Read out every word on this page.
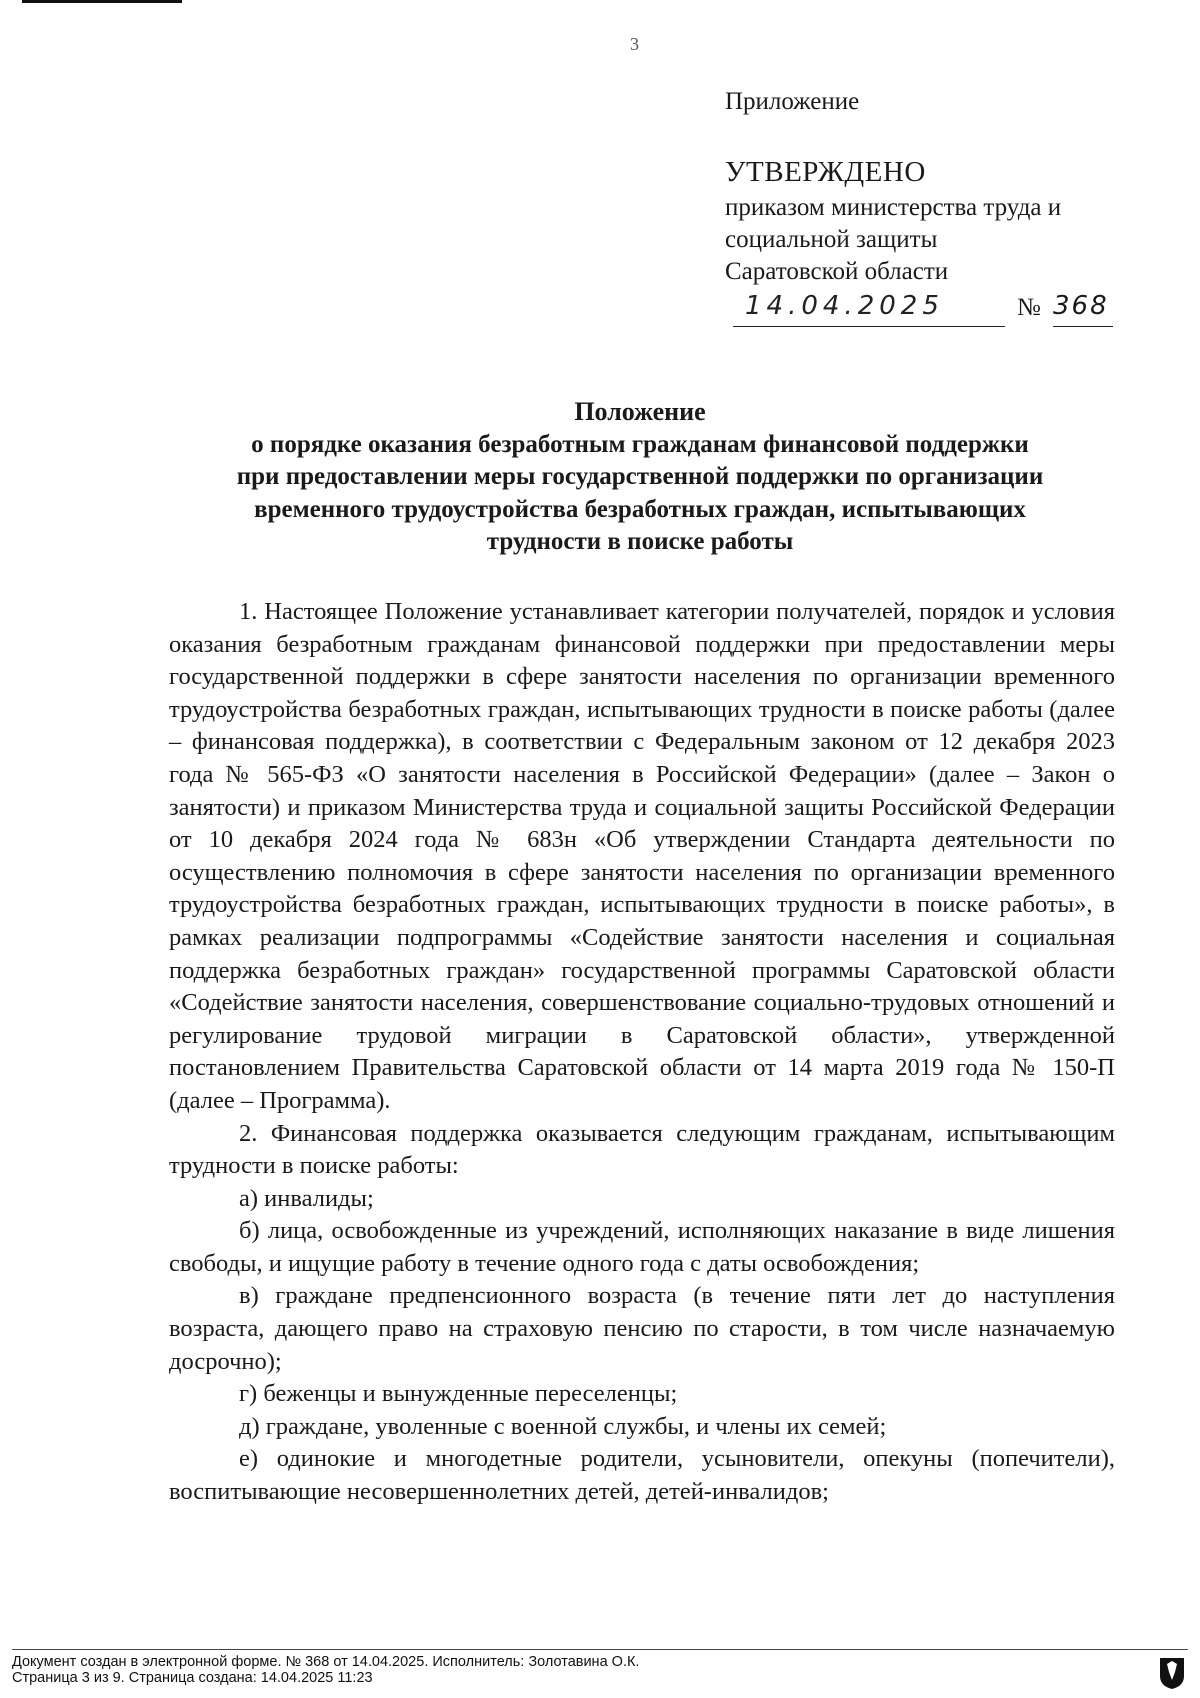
3
Приложение
УТВЕРЖДЕНО
приказом министерства труда и
социальной защиты
Саратовской области
14.04.2025	№ 368
Положение
о порядке оказания безработным гражданам финансовой поддержки
при предоставлении меры государственной поддержки по организации
временного трудоустройства безработных граждан, испытывающих
трудности в поиске работы

1. Настоящее Положение устанавливает категории получателей, порядок и условия оказания безработным гражданам финансовой поддержки при предоставлении меры государственной поддержки в сфере занятости населения по организации временного трудоустройства безработных граждан, испытывающих трудности в поиске работы (далее – финансовая поддержка), в соответствии с Федеральным законом от 12 декабря 2023 года № 565-ФЗ «О занятости населения в Российской Федерации» (далее – Закон о занятости) и приказом Министерства труда и социальной защиты Российской Федерации от 10 декабря 2024 года № 683н «Об утверждении Стандарта деятельности по осуществлению полномочия в сфере занятости населения по организации временного трудоустройства безработных граждан, испытывающих трудности в поиске работы», в рамках реализации подпрограммы «Содействие занятости населения и социальная поддержка безработных граждан» государственной программы Саратовской области «Содействие занятости населения, совершенствование социально-трудовых отношений и регулирование трудовой миграции в Саратовской области», утвержденной постановлением Правительства Саратовской области от 14 марта 2019 года № 150-П (далее – Программа).

2. Финансовая поддержка оказывается следующим гражданам, испытывающим трудности в поиске работы:

а) инвалиды;

б) лица, освобожденные из учреждений, исполняющих наказание в виде лишения свободы, и ищущие работу в течение одного года с даты освобождения;

в) граждане предпенсионного возраста (в течение пяти лет до наступления возраста, дающего право на страховую пенсию по старости, в том числе назначаемую досрочно);

г) беженцы и вынужденные переселенцы;

д) граждане, уволенные с военной службы, и члены их семей;

е) одинокие и многодетные родители, усыновители, опекуны (попечители), воспитывающие несовершеннолетних детей, детей-инвалидов;

Документ создан в электронной форме. № 368 от 14.04.2025. Исполнитель: Золотавина О.К.
Страница 3 из 9. Страница создана: 14.04.2025 11:23
